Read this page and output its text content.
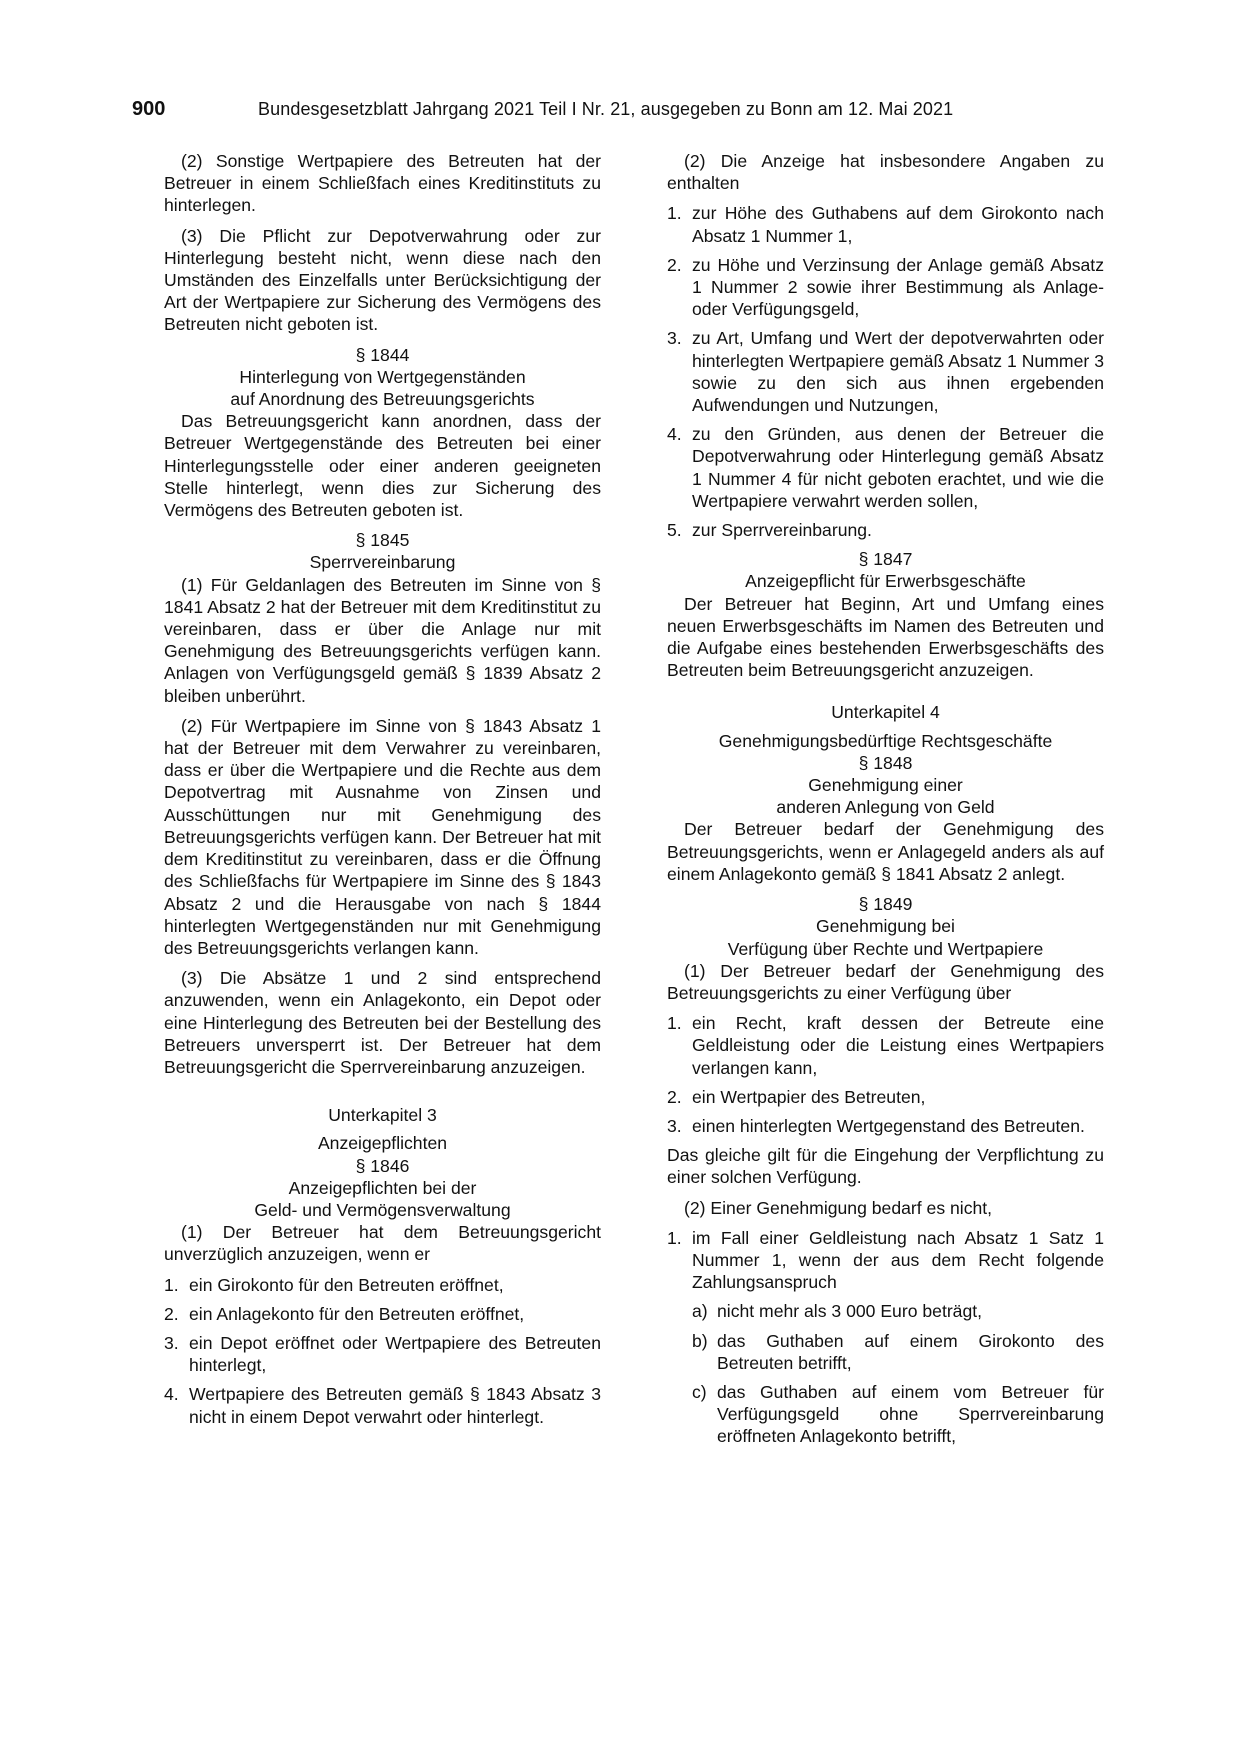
900	Bundesgesetzblatt Jahrgang 2021 Teil I Nr. 21, ausgegeben zu Bonn am 12. Mai 2021

(2) Sonstige Wertpapiere des Betreuten hat der Betreuer in einem Schließfach eines Kreditinstituts zu hinterlegen.

(3) Die Pflicht zur Depotverwahrung oder zur Hinterlegung besteht nicht, wenn diese nach den Umständen des Einzelfalls unter Berücksichtigung der Art der Wertpapiere zur Sicherung des Vermögens des Betreuten nicht geboten ist.

§ 1844

Hinterlegung von Wertgegenständen

auf Anordnung des Betreuungsgerichts

Das Betreuungsgericht kann anordnen, dass der Betreuer Wertgegenstände des Betreuten bei einer Hinterlegungsstelle oder einer anderen geeigneten Stelle hinterlegt, wenn dies zur Sicherung des Vermögens des Betreuten geboten ist.

§ 1845

Sperrvereinbarung

(1) Für Geldanlagen des Betreuten im Sinne von § 1841 Absatz 2 hat der Betreuer mit dem Kreditinstitut zu vereinbaren, dass er über die Anlage nur mit Genehmigung des Betreuungsgerichts verfügen kann. Anlagen von Verfügungsgeld gemäß § 1839 Absatz 2 bleiben unberührt.

(2) Für Wertpapiere im Sinne von § 1843 Absatz 1 hat der Betreuer mit dem Verwahrer zu vereinbaren, dass er über die Wertpapiere und die Rechte aus dem Depotvertrag mit Ausnahme von Zinsen und Ausschüttungen nur mit Genehmigung des Betreuungsgerichts verfügen kann. Der Betreuer hat mit dem Kreditinstitut zu vereinbaren, dass er die Öffnung des Schließfachs für Wertpapiere im Sinne des § 1843 Absatz 2 und die Herausgabe von nach § 1844 hinterlegten Wertgegenständen nur mit Genehmigung des Betreuungsgerichts verlangen kann.

(3) Die Absätze 1 und 2 sind entsprechend anzuwenden, wenn ein Anlagekonto, ein Depot oder eine Hinterlegung des Betreuten bei der Bestellung des Betreuers unversperrt ist. Der Betreuer hat dem Betreuungsgericht die Sperrvereinbarung anzuzeigen.

Unterkapitel 3

Anzeigepflichten

§ 1846

Anzeigepflichten bei der

Geld- und Vermögensverwaltung

(1) Der Betreuer hat dem Betreuungsgericht unverzüglich anzuzeigen, wenn er

1. ein Girokonto für den Betreuten eröffnet,
2. ein Anlagekonto für den Betreuten eröffnet,
3. ein Depot eröffnet oder Wertpapiere des Betreuten hinterlegt,
4. Wertpapiere des Betreuten gemäß § 1843 Absatz 3 nicht in einem Depot verwahrt oder hinterlegt.

(2) Die Anzeige hat insbesondere Angaben zu enthalten

1. zur Höhe des Guthabens auf dem Girokonto nach Absatz 1 Nummer 1,
2. zu Höhe und Verzinsung der Anlage gemäß Absatz 1 Nummer 2 sowie ihrer Bestimmung als Anlage- oder Verfügungsgeld,
3. zu Art, Umfang und Wert der depotverwahrten oder hinterlegten Wertpapiere gemäß Absatz 1 Nummer 3 sowie zu den sich aus ihnen ergebenden Aufwendungen und Nutzungen,
4. zu den Gründen, aus denen der Betreuer die Depotverwahrung oder Hinterlegung gemäß Absatz 1 Nummer 4 für nicht geboten erachtet, und wie die Wertpapiere verwahrt werden sollen,
5. zur Sperrvereinbarung.

§ 1847

Anzeigepflicht für Erwerbsgeschäfte

Der Betreuer hat Beginn, Art und Umfang eines neuen Erwerbsgeschäfts im Namen des Betreuten und die Aufgabe eines bestehenden Erwerbsgeschäfts des Betreuten beim Betreuungsgericht anzuzeigen.

Unterkapitel 4

Genehmigungsbedürftige Rechtsgeschäfte

§ 1848

Genehmigung einer

anderen Anlegung von Geld

Der Betreuer bedarf der Genehmigung des Betreuungsgerichts, wenn er Anlagegeld anders als auf einem Anlagekonto gemäß § 1841 Absatz 2 anlegt.

§ 1849

Genehmigung bei

Verfügung über Rechte und Wertpapiere

(1) Der Betreuer bedarf der Genehmigung des Betreuungsgerichts zu einer Verfügung über

1. ein Recht, kraft dessen der Betreute eine Geldleistung oder die Leistung eines Wertpapiers verlangen kann,
2. ein Wertpapier des Betreuten,
3. einen hinterlegten Wertgegenstand des Betreuten.

Das gleiche gilt für die Eingehung der Verpflichtung zu einer solchen Verfügung.

(2) Einer Genehmigung bedarf es nicht,

1. im Fall einer Geldleistung nach Absatz 1 Satz 1 Nummer 1, wenn der aus dem Recht folgende Zahlungsanspruch
a) nicht mehr als 3 000 Euro beträgt,
b) das Guthaben auf einem Girokonto des Betreuten betrifft,
c) das Guthaben auf einem vom Betreuer für Verfügungsgeld ohne Sperrvereinbarung eröffneten Anlagekonto betrifft,
